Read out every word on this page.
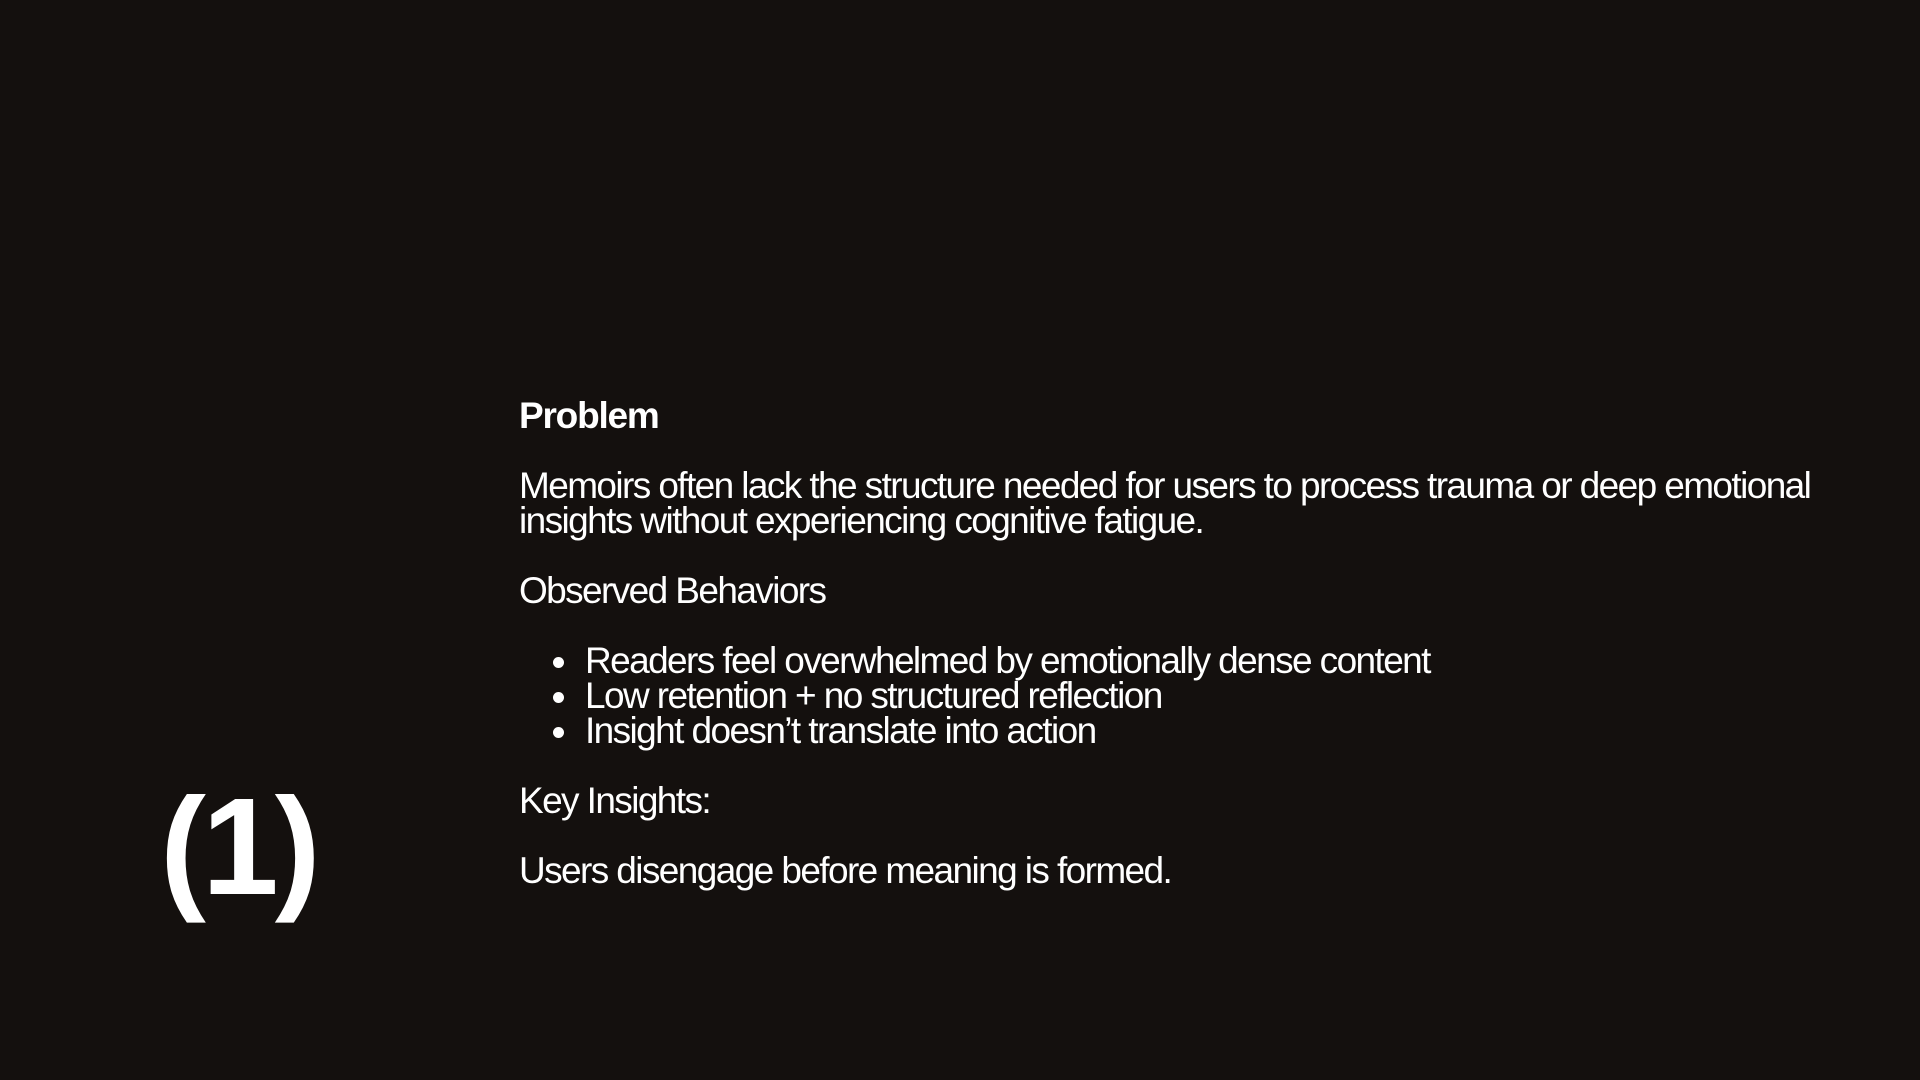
(1)

Problem

Memoirs often lack the structure needed for users to process trauma or deep emotional insights without experiencing cognitive fatigue.

Observed Behaviors

Readers feel overwhelmed by emotionally dense content
Low retention + no structured reflection
Insight doesn’t translate into action

Key Insights:

Users disengage before meaning is formed.
